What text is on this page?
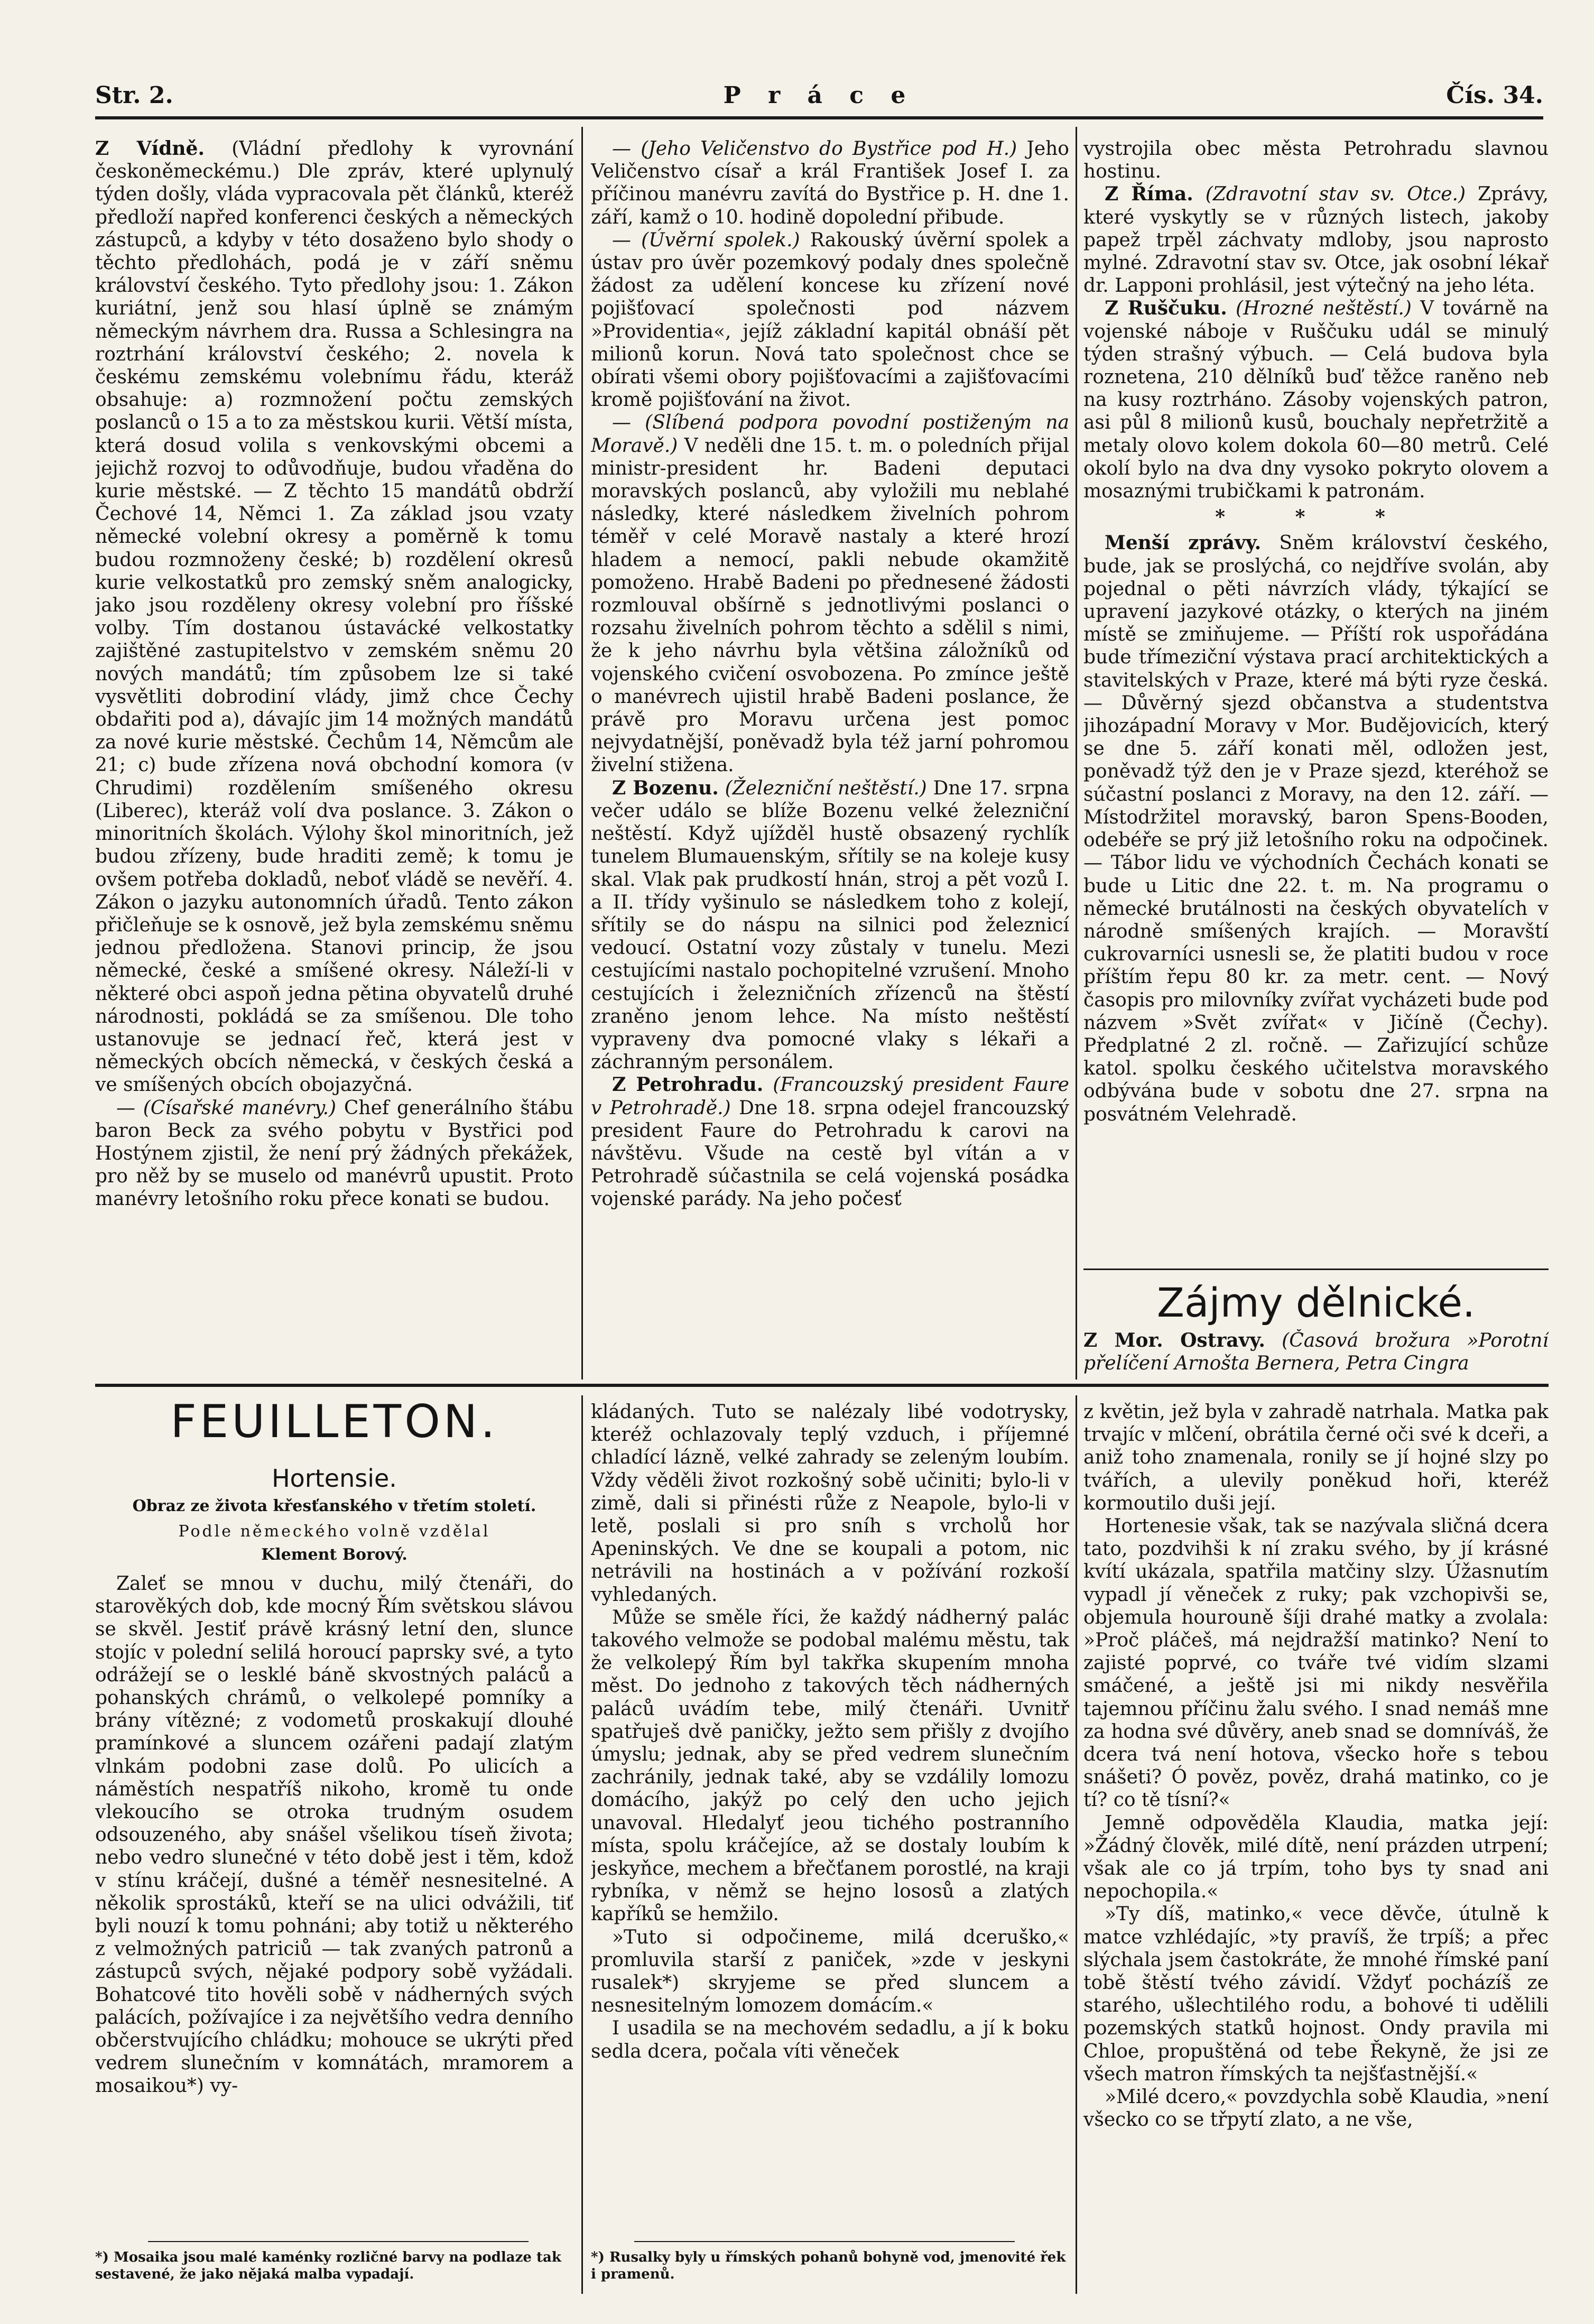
Str. 2.	P r á c e	Čís. 34.

Z Vídně. (Vládní předlohy k vyrovnání českoněmeckému.) Dle zpráv, které uplynulý týden došly, vláda vypracovala pět článků, kteréž předloží napřed konferenci českých a německých zástupců, a kdyby v této dosaženo bylo shody o těchto předlohách, podá je v září sněmu království českého. Tyto předlohy jsou: 1. Zákon kuriátní, jenž sou hlasí úplně se známým německým návrhem dra. Russa a Schlesingra na roztrhání království českého; 2. novela k českému zemskému volebnímu řádu, kteráž obsahuje: a) rozmnožení počtu zemských poslanců o 15 a to za městskou kurii. Větší místa, která dosud volila s venkovskými obcemi a jejichž rozvoj to odůvodňuje, budou vřaděna do kurie městské. — Z těchto 15 mandátů obdrží Čechové 14, Němci 1. Za základ jsou vzaty německé volební okresy a poměrně k tomu budou rozmnoženy české; b) rozdělení okresů kurie velkostatků pro zemský sněm analogicky, jako jsou rozděleny okresy volební pro říšské volby. Tím dostanou ústavácké velkostatky zajištěné zastupitelstvo v zemském sněmu 20 nových mandátů; tím způsobem lze si také vysvětliti dobrodiní vlády, jimž chce Čechy obdařiti pod a), dávajíc jim 14 možných mandátů za nové kurie městské. Čechům 14, Němcům ale 21; c) bude zřízena nová obchodní komora (v Chrudimi) rozdělením smíšeného okresu (Liberec), kteráž volí dva poslance. 3. Zákon o minoritních školách. Výlohy škol minoritních, jež budou zřízeny, bude hraditi země; k tomu je ovšem potřeba dokladů, neboť vládě se nevěří. 4. Zákon o jazyku autonomních úřadů. Tento zákon přičleňuje se k osnově, jež byla zemskému sněmu jednou předložena. Stanovi princip, že jsou německé, české a smíšené okresy. Náleží-li v některé obci aspoň jedna pětina obyvatelů druhé národnosti, pokládá se za smíšenou. Dle toho ustanovuje se jednací řeč, která jest v německých obcích německá, v českých česká a ve smíšených obcích obojazyčná.

— (Císařské manévry.) Chef generálního štábu baron Beck za svého pobytu v Bystřici pod Hostýnem zjistil, že není prý žádných překážek, pro něž by se muselo od manévrů upustit. Proto manévry letošního roku přece konati se budou.

— (Jeho Veličenstvo do Bystřice pod H.) Jeho Veličenstvo císař a král František Josef I. za příčinou manévru zavítá do Bystřice p. H. dne 1. září, kamž o 10. hodině dopolední přibude.

— (Úvěrní spolek.) Rakouský úvěrní spolek a ústav pro úvěr pozemkový podaly dnes společně žádost za udělení koncese ku zřízení nové pojišťovací společnosti pod názvem »Providentia«, jejíž základní kapitál obnáší pět milionů korun. Nová tato společnost chce se obírati všemi obory pojišťovacími a zajišťovacími kromě pojišťování na život.

— (Slíbená podpora povodní postiženým na Moravě.) V neděli dne 15. t. m. o poledních přijal ministr-president hr. Badeni deputaci moravských poslanců, aby vyložili mu neblahé následky, které následkem živelních pohrom téměř v celé Moravě nastaly a které hrozí hladem a nemocí, pakli nebude okamžitě pomoženo. Hrabě Badeni po přednesené žádosti rozmlouval obšírně s jednotlivými poslanci o rozsahu živelních pohrom těchto a sdělil s nimi, že k jeho návrhu byla většina záložníků od vojenského cvičení osvobozena. Po zmínce ještě o manévrech ujistil hrabě Badeni poslance, že právě pro Moravu určena jest pomoc nejvydatnější, poněvadž byla též jarní pohromou živelní stižena.

Z Bozenu. (Železniční neštěstí.) Dne 17. srpna večer událo se blíže Bozenu velké železniční neštěstí. Když ujížděl hustě obsazený rychlík tunelem Blumauenským, sřítily se na koleje kusy skal. Vlak pak prudkostí hnán, stroj a pět vozů I. a II. třídy vyšinulo se následkem toho z kolejí, sřítily se do náspu na silnici pod železnicí vedoucí. Ostatní vozy zůstaly v tunelu. Mezi cestujícími nastalo pochopitelné vzrušení. Mnoho cestujících i železničních zřízenců na štěstí zraněno jenom lehce. Na místo neštěstí vypraveny dva pomocné vlaky s lékaři a záchranným personálem.

Z Petrohradu. (Francouzský president Faure v Petrohradě.) Dne 18. srpna odejel francouzský president Faure do Petrohradu k carovi na návštěvu. Všude na cestě byl vítán a v Petrohradě súčastnila se celá vojenská posádka vojenské parády. Na jeho počesť

vystrojila obec města Petrohradu slavnou hostinu.

Z Říma. (Zdravotní stav sv. Otce.) Zprávy, které vyskytly se v různých listech, jakoby papež trpěl záchvaty mdloby, jsou naprosto mylné. Zdravotní stav sv. Otce, jak osobní lékař dr. Lapponi prohlásil, jest výtečný na jeho léta.

Z Ruščuku. (Hrozné neštěstí.) V továrně na vojenské náboje v Ruščuku udál se minulý týden strašný výbuch. — Celá budova byla roznetena, 210 dělníků buď těžce raněno neb na kusy roztrháno. Zásoby vojenských patron, asi půl 8 milionů kusů, bouchaly nepřetržitě a metaly olovo kolem dokola 60—80 metrů. Celé okolí bylo na dva dny vysoko pokryto olovem a mosaznými trubičkami k patronám.

* * *

Menší zprávy. Sněm království českého, bude, jak se proslýchá, co nejdříve svolán, aby pojednal o pěti návrzích vlády, týkající se upravení jazykové otázky, o kterých na jiném místě se zmiňujeme. — Příští rok uspořádána bude třímeziční výstava prací architektických a stavitelských v Praze, které má býti ryze česká. — Důvěrný sjezd občanstva a studentstva jihozápadní Moravy v Mor. Budějovicích, který se dne 5. září konati měl, odložen jest, poněvadž týž den je v Praze sjezd, kteréhož se súčastní poslanci z Moravy, na den 12. září. — Místodržitel moravský, baron Spens-Booden, odebéře se prý již letošního roku na odpočinek. — Tábor lidu ve východních Čechách konati se bude u Litic dne 22. t. m. Na programu o německé brutálnosti na českých obyvatelích v národně smíšených krajích. — Moravští cukrovarníci usnesli se, že platiti budou v roce příštím řepu 80 kr. za metr. cent. — Nový časopis pro milovníky zvířat vycházeti bude pod názvem »Svět zvířat« v Jičíně (Čechy). Předplatné 2 zl. ročně. — Zařizující schůze katol. spolku českého učitelstva moravského odbývána bude v sobotu dne 27. srpna na posvátném Velehradě.

Zájmy dělnické.

Z Mor. Ostravy. (Časová brožura »Porotní přelíčení Arnošta Bernera, Petra Cingra

FEUILLETON.
Hortensie.
Obraz ze života křesťanského v třetím století.
Podle německého volně vzdělal
Klement Borový.

Zaleť se mnou v duchu, milý čtenáři, do starověkých dob, kde mocný Řím světskou slávou se skvěl. Jestiť právě krásný letní den, slunce stojíc v polední selilá horoucí paprsky své, a tyto odrážejí se o lesklé báně skvostných paláců a pohanských chrámů, o velkolepé pomníky a brány vítězné; z vodometů proskakují dlouhé pramínkové a sluncem ozářeni padají zlatým vlnkám podobni zase dolů. Po ulicích a náměstích nespatříš nikoho, kromě tu onde vlekoucího se otroka trudným osudem odsouzeného, aby snášel všelikou tíseň života; nebo vedro slunečné v této době jest i těm, kdož v stínu kráčejí, dušné a téměř nesnesitelné. A několik sprostáků, kteří se na ulici odvážili, tiť byli nouzí k tomu pohnáni; aby totiž u některého z velmožných patriciů — tak zvaných patronů a zástupců svých, nějaké podpory sobě vyžádali. Bohatcové tito hověli sobě v nádherných svých palácích, požívajíce i za největšího vedra denního občerstvujícího chládku; mohouce se ukrýti před vedrem slunečním v komnátách, mramorem a mosaikou*) vy-

*) Mosaika jsou malé kaménky rozličné barvy na podlaze tak sestavené, že jako nějaká malba vypadají.

kládaných. Tuto se nalézaly libé vodotrysky, kteréž ochlazovaly teplý vzduch, i příjemné chladící lázně, velké zahrady se zeleným loubím. Vždy věděli život rozkošný sobě učiniti; bylo-li v zimě, dali si přinésti růže z Neapole, bylo-li v letě, poslali si pro sníh s vrcholů hor Apeninských. Ve dne se koupali a potom, nic netrávili na hostinách a v požívání rozkoší vyhledaných.

Může se směle říci, že každý nádherný palác takového velmože se podobal malému městu, tak že velkolepý Řím byl takřka skupením mnoha měst. Do jednoho z takových těch nádherných paláců uvádím tebe, milý čtenáři. Uvnitř spatřuješ dvě paničky, ježto sem přišly z dvojího úmyslu; jednak, aby se před vedrem slunečním zachránily, jednak také, aby se vzdálily lomozu domácího, jakýž po celý den ucho jejich unavoval. Hledalyť jeou tichého postranního místa, spolu kráčejíce, až se dostaly loubím k jeskyňce, mechem a břečťanem porostlé, na kraji rybníka, v němž se hejno lososů a zlatých kapříků se hemžilo.

»Tuto si odpočineme, milá dceruško,« promluvila starší z paniček, »zde v jeskyni rusalek*) skryjeme se před sluncem a nesnesitelným lomozem domácím.«

I usadila se na mechovém sedadlu, a jí k boku sedla dcera, počala víti věneček

*) Rusalky byly u římských pohanů bohyně vod, jmenovité řek i pramenů.

z květin, jež byla v zahradě natrhala. Matka pak trvajíc v mlčení, obrátila černé oči své k dceři, a aniž toho znamenala, ronily se jí hojné slzy po tvářích, a ulevily poněkud hoři, kteréž kormoutilo duši její.

Hortenesie však, tak se nazývala sličná dcera tato, pozdvihši k ní zraku svého, by jí krásné kvítí ukázala, spatřila matčiny slzy. Úžasnutím vypadl jí věneček z ruky; pak vzchopivši se, objemula hourouně šíji drahé matky a zvolala: »Proč pláčeš, má nejdražší matinko? Není to zajisté poprvé, co tváře tvé vidím slzami smáčené, a ještě jsi mi nikdy nesvěřila tajemnou příčinu žalu svého. I snad nemáš mne za hodna své důvěry, aneb snad se domníváš, že dcera tvá není hotova, všecko hoře s tebou snášeti? Ó pověz, pověz, drahá matinko, co je tí? co tě tísní?«

Jemně odpověděla Klaudia, matka její: »Žádný člověk, milé dítě, není prázden utrpení; však ale co já trpím, toho bys ty snad ani nepochopila.«

»Ty díš, matinko,« vece děvče, útulně k matce vzhlédajíc, »ty pravíš, že trpíš; a přec slýchala jsem častokráte, že mnohé římské paní tobě štěstí tvého závidí. Vždyť pocházíš ze starého, ušlechtilého rodu, a bohové ti udělili pozemských statků hojnost. Ondy pravila mi Chloe, propuštěná od tebe Řekyně, že jsi ze všech matron římských ta nejšťastnější.«

»Milé dcero,« povzdychla sobě Klaudia, »není všecko co se třpytí zlato, a ne vše,
